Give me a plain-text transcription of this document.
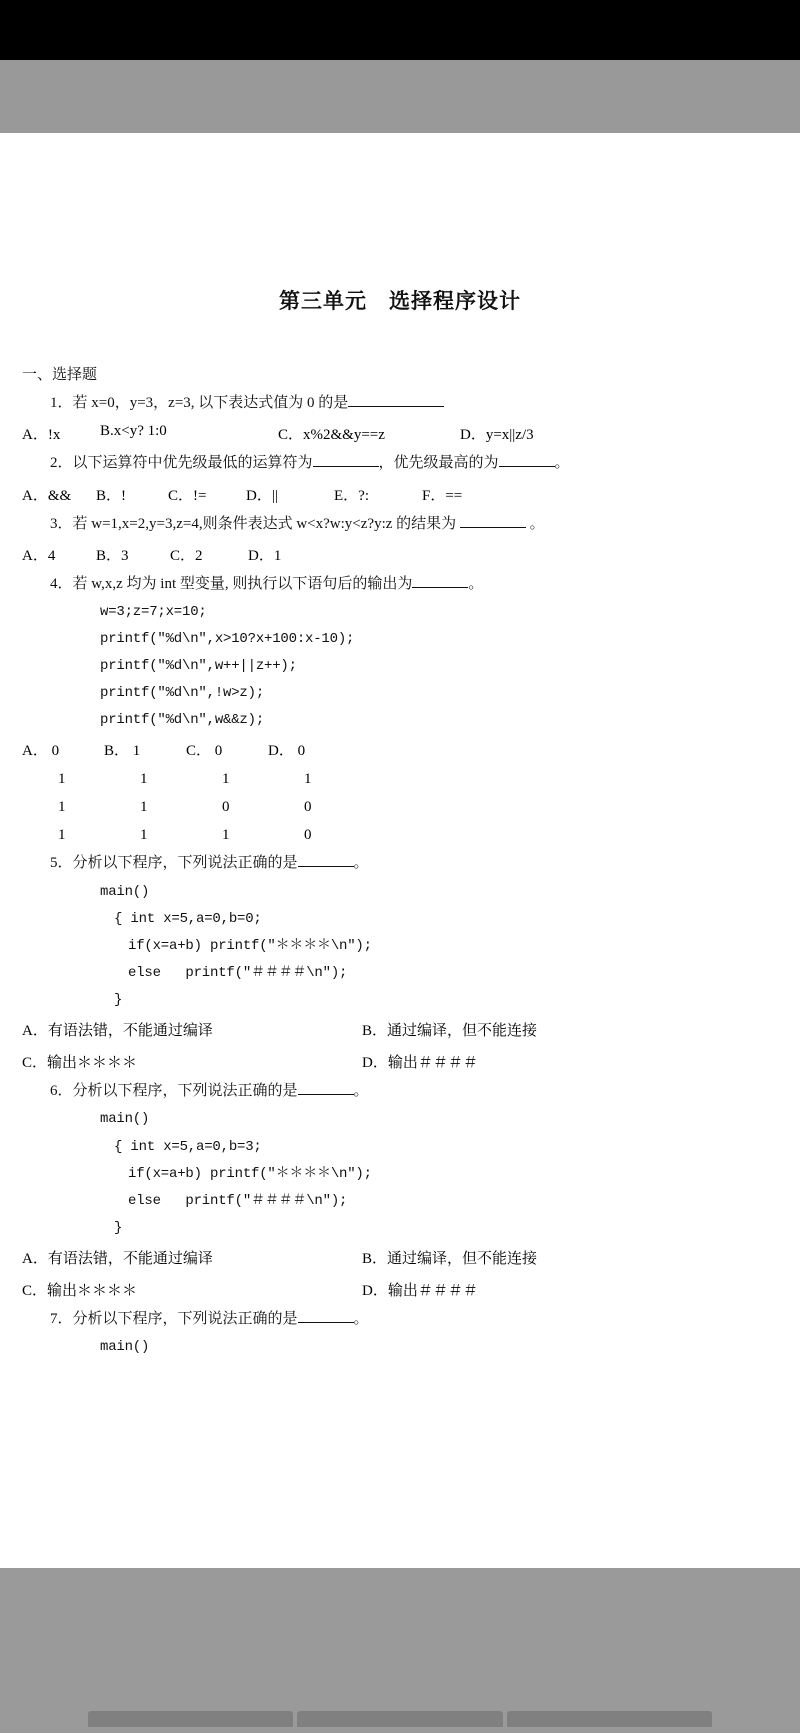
第三单元　选择程序设计
一、选择题
1．若 x=0，y=3，z=3, 以下表达式值为 0 的是
A．!x	B.x<y? 1:0	C．x%2&&y==z	D．y=x||z/3
2．以下运算符中优先级最低的运算符为	，优先级最高的为	。
A．&&	B．!	C．!=	D．||	E．?:	F．==
3．若 w=1,x=2,y=3,z=4,则条件表达式 w<x?w:y<z?y:z 的结果为	。
A．4	B．3	C．2	D．1
4．若 w,x,z 均为 int 型变量, 则执行以下语句后的输出为	。
w=3;z=7;x=10;
printf("%d\n",x>10?x+100:x-10);
printf("%d\n",w++||z++);
printf("%d\n",!w>z);
printf("%d\n",w&&z);
A． 0	B． 1	C． 0	D． 0
1	1	1	1
1	1	0	0
1	1	1	0
5．分析以下程序，下列说法正确的是	。
main()
{ int x=5,a=0,b=0;
if(x=a+b) printf("＊＊＊＊\n");
else   printf("＃＃＃＃\n");
}
A．有语法错，不能通过编译	B．通过编译，但不能连接
C．输出＊＊＊＊	D．输出＃＃＃＃
6．分析以下程序，下列说法正确的是	。
main()
{ int x=5,a=0,b=3;
if(x=a+b) printf("＊＊＊＊\n");
else   printf("＃＃＃＃\n");
}
A．有语法错，不能通过编译	B．通过编译，但不能连接
C．输出＊＊＊＊	D．输出＃＃＃＃
7．分析以下程序，下列说法正确的是	。
main()
